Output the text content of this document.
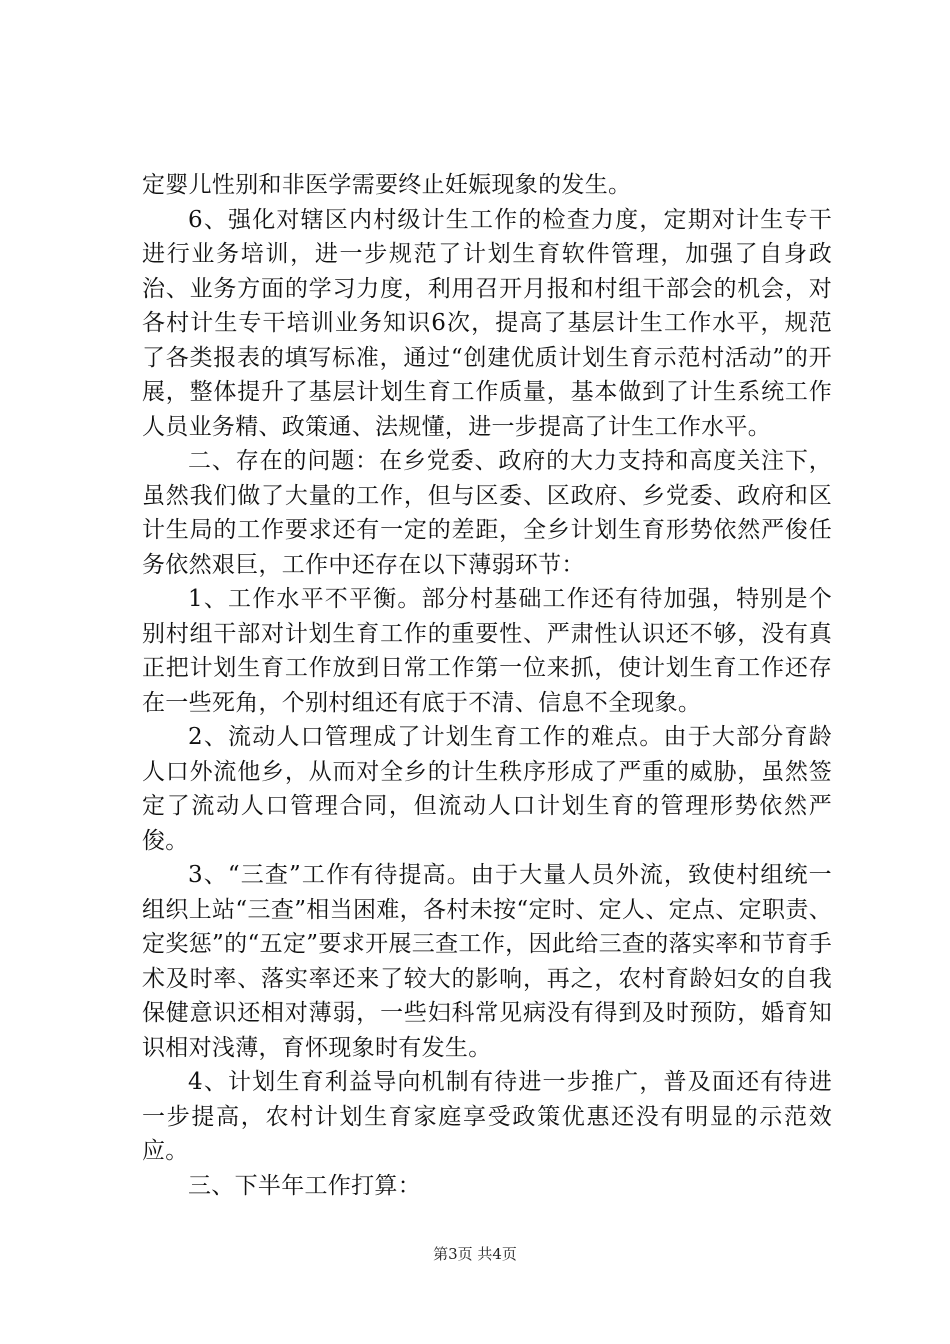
定婴儿性别和非医学需要终止妊娠现象的发生。

6、强化对辖区内村级计生工作的检查力度，定期对计生专干进行业务培训，进一步规范了计划生育软件管理，加强了自身政治、业务方面的学习力度，利用召开月报和村组干部会的机会，对各村计生专干培训业务知识6次，提高了基层计生工作水平，规范了各类报表的填写标准，通过“创建优质计划生育示范村活动”的开展，整体提升了基层计划生育工作质量，基本做到了计生系统工作人员业务精、政策通、法规懂，进一步提高了计生工作水平。

二、存在的问题：在乡党委、政府的大力支持和高度关注下，虽然我们做了大量的工作，但与区委、区政府、乡党委、政府和区计生局的工作要求还有一定的差距，全乡计划生育形势依然严俊任务依然艰巨，工作中还存在以下薄弱环节：

1、工作水平不平衡。部分村基础工作还有待加强，特别是个别村组干部对计划生育工作的重要性、严肃性认识还不够，没有真正把计划生育工作放到日常工作第一位来抓，使计划生育工作还存在一些死角，个别村组还有底于不清、信息不全现象。

2、流动人口管理成了计划生育工作的难点。由于大部分育龄人口外流他乡，从而对全乡的计生秩序形成了严重的威胁，虽然签定了流动人口管理合同，但流动人口计划生育的管理形势依然严俊。

3、“三查”工作有待提高。由于大量人员外流，致使村组统一组织上站“三查”相当困难，各村未按“定时、定人、定点、定职责、定奖惩”的“五定”要求开展三查工作，因此给三查的落实率和节育手术及时率、落实率还来了较大的影响，再之，农村育龄妇女的自我保健意识还相对薄弱，一些妇科常见病没有得到及时预防，婚育知识相对浅薄，育怀现象时有发生。

4、计划生育利益导向机制有待进一步推广，普及面还有待进一步提高，农村计划生育家庭享受政策优惠还没有明显的示范效应。

三、下半年工作打算：

第3页 共4页
